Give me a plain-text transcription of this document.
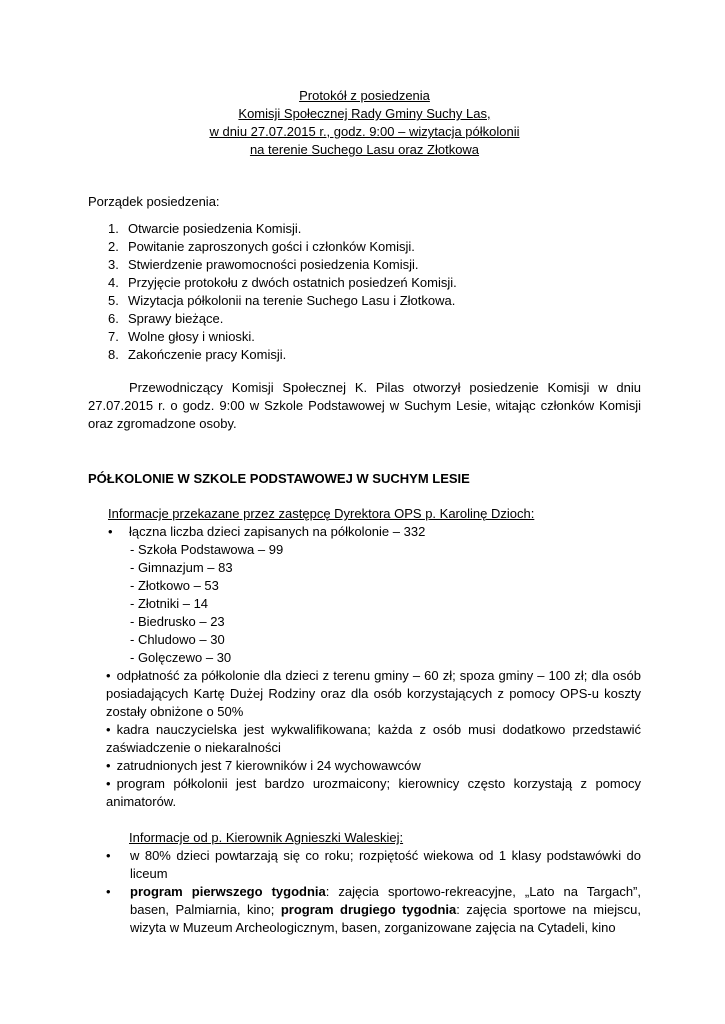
Protokół z posiedzenia
Komisji Społecznej Rady Gminy Suchy Las,
w dniu 27.07.2015 r., godz. 9:00 – wizytacja półkolonii
na terenie Suchego Lasu oraz Złotkowa
Porządek posiedzenia:
1. Otwarcie posiedzenia Komisji.
2. Powitanie zaproszonych gości i członków Komisji.
3. Stwierdzenie prawomocności posiedzenia Komisji.
4. Przyjęcie protokołu z dwóch ostatnich posiedzeń Komisji.
5. Wizytacja półkolonii na terenie Suchego Lasu i Złotkowa.
6. Sprawy bieżące.
7. Wolne głosy i wnioski.
8. Zakończenie pracy Komisji.

Przewodniczący Komisji Społecznej K. Pilas otworzył posiedzenie Komisji w dniu 27.07.2015 r. o godz. 9:00 w Szkole Podstawowej w Suchym Lesie, witając członków Komisji oraz zgromadzone osoby.

PÓŁKOLONIE W SZKOLE PODSTAWOWEJ W SUCHYM LESIE
Informacje przekazane przez zastępcę Dyrektora OPS p. Karolinę Dzioch:
•	łączna liczba dzieci zapisanych na półkolonie – 332
- Szkoła Podstawowa – 99
- Gimnazjum – 83
- Złotkowo – 53
- Złotniki – 14
- Biedrusko – 23
- Chludowo – 30
- Golęczewo – 30

• odpłatność za półkolonie dla dzieci z terenu gminy – 60 zł; spoza gminy – 100 zł; dla osób posiadających Kartę Dużej Rodziny oraz dla osób korzystających z pomocy OPS-u koszty zostały obniżone o 50%

• kadra nauczycielska jest wykwalifikowana; każda z osób musi dodatkowo przedstawić zaświadczenie o niekaralności

• zatrudnionych jest 7 kierowników i 24 wychowawców

• program półkolonii jest bardzo urozmaicony; kierownicy często korzystają z pomocy animatorów.

Informacje od p. Kierownik Agnieszki Waleskiej:
•	w 80% dzieci powtarzają się co roku; rozpiętość wiekowa od 1 klasy podstawówki do liceum
•	program pierwszego tygodnia: zajęcia sportowo-rekreacyjne, „Lato na Targach”, basen, Palmiarnia, kino; program drugiego tygodnia: zajęcia sportowe na miejscu, wizyta w Muzeum Archeologicznym, basen, zorganizowane zajęcia na Cytadeli, kino
